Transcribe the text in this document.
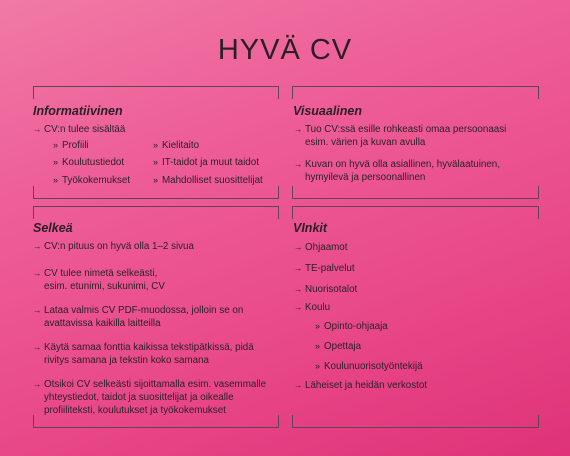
HYVÄ CV
Informatiivinen
→ CV:n tulee sisältää
» Profiili
» Koulutustiedot
» Työkokemukset
» Kielitaito
» IT-taidot ja muut taidot
» Mahdolliset suosittelijat
Visuaalinen
→ Tuo CV:ssä esille rohkeasti omaa persoonaasi
esim. värien ja kuvan avulla
→ Kuvan on hyvä olla asiallinen, hyvälaatuinen,
hymyilevä ja persoonallinen
Selkeä
→ CV:n pituus on hyvä olla 1–2 sivua
→ CV tulee nimetä selkeästi,
esim. etunimi, sukunimi, CV
→ Lataa valmis CV PDF-muodossa, jolloin se on
avattavissa kaikilla laitteilla
→ Käytä samaa fonttia kaikissa tekstipätkissä, pidä
rivitys samana ja tekstin koko samana
→ Otsikoi CV selkeästi sijoittamalla esim. vasemmalle
yhteystiedot, taidot ja suosittelijat ja oikealle
profiiliteksti, koulutukset ja työkokemukset
VInkit
→ Ohjaamot
→ TE-palvelut
→ Nuorisotalot
→ Koulu
» Opinto-ohjaaja
» Opettaja
» Koulunuorisotyöntekijä
→ Läheiset ja heidän verkostot
